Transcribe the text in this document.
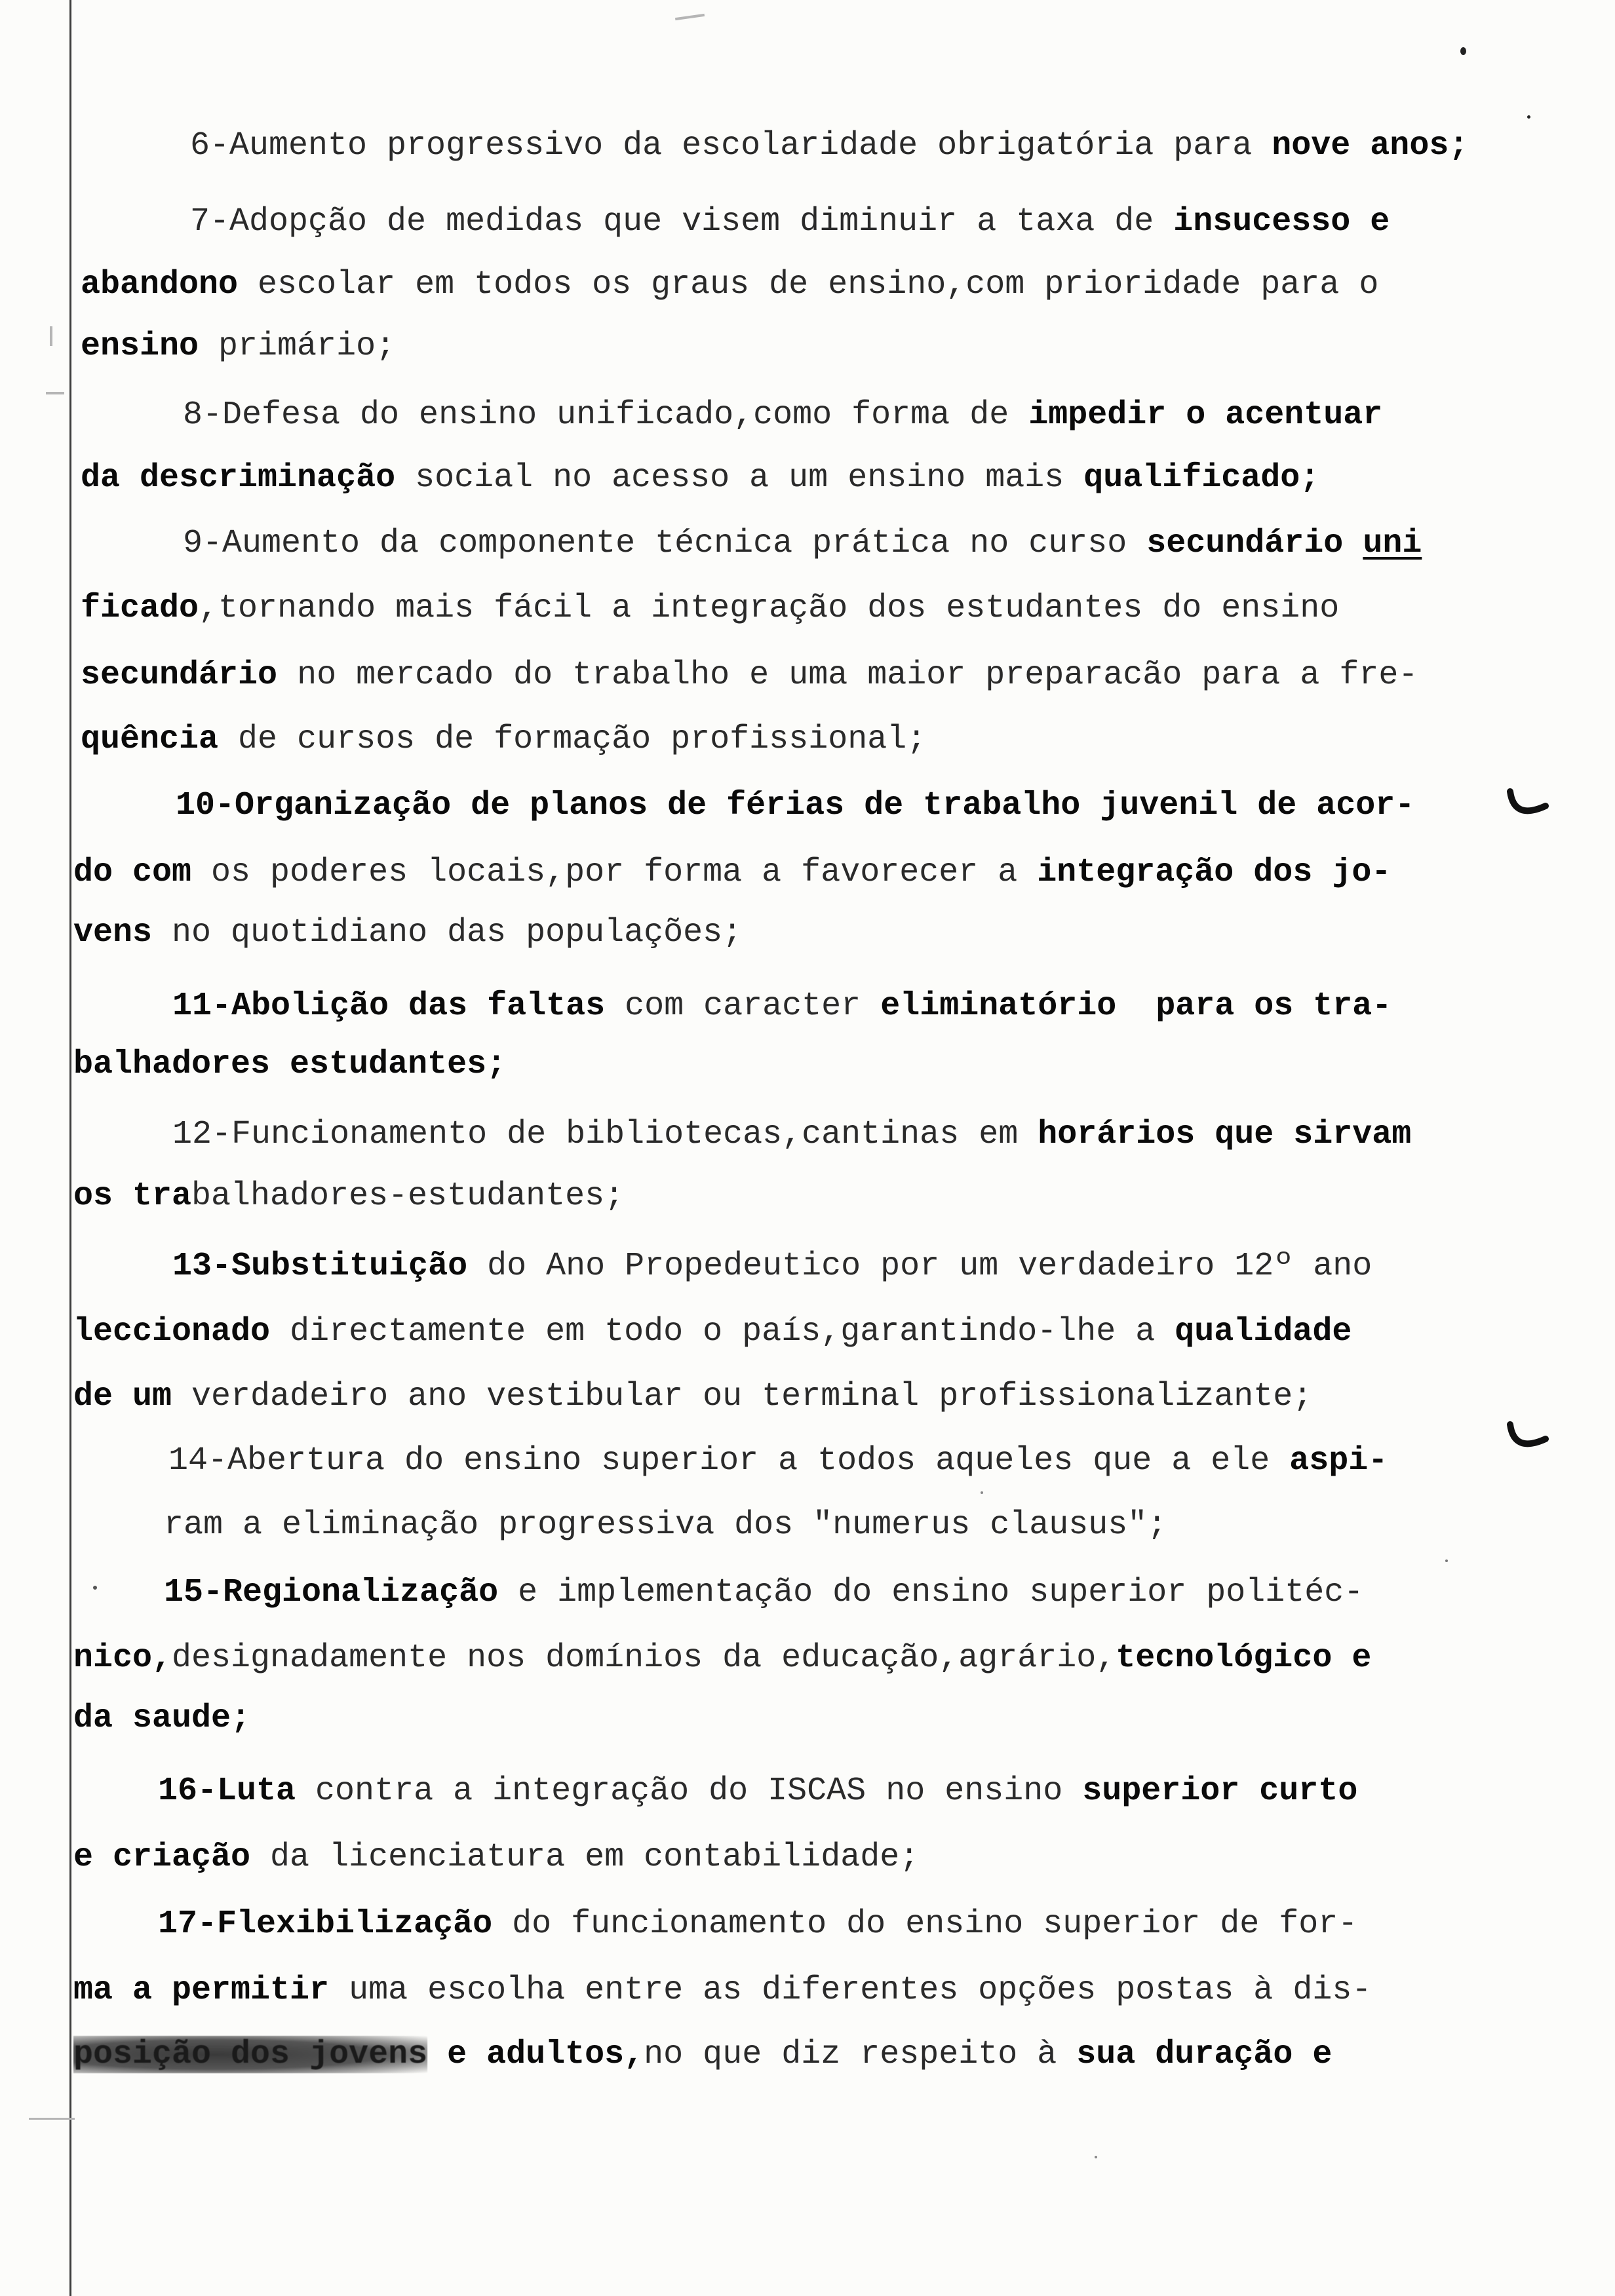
6-Aumento progressivo da escolaridade obrigatória para nove anos;
7-Adopção de medidas que visem diminuir a taxa de insucesso e
abandono escolar em todos os graus de ensino,com prioridade para o
ensino primário;
8-Defesa do ensino unificado,como forma de impedir o acentuar
da descriminação social no acesso a um ensino mais qualificado;
9-Aumento da componente técnica prática no curso secundário uni
ficado,tornando mais fácil a integração dos estudantes do ensino
secundário no mercado do trabalho e uma maior preparacão para a fre-
quência de cursos de formação profissional;
10-Organização de planos de férias de trabalho juvenil de acor-
do com os poderes locais,por forma a favorecer a integração dos jo-
vens no quotidiano das populações;
11-Abolição das faltas com caracter eliminatório  para os tra-
balhadores estudantes;
12-Funcionamento de bibliotecas,cantinas em horários que sirvam
os trabalhadores-estudantes;
13-Substituição do Ano Propedeutico por um verdadeiro 12º ano
leccionado directamente em todo o país,garantindo-lhe a qualidade
de um verdadeiro ano vestibular ou terminal profissionalizante;
14-Abertura do ensino superior a todos aqueles que a ele aspi-
ram a eliminação progressiva dos "numerus clausus";
15-Regionalização e implementação do ensino superior politéc-
nico,designadamente nos domínios da educação,agrário,tecnológico e
da saude;
16-Luta contra a integração do ISCAS no ensino superior curto
e criação da licenciatura em contabilidade;
17-Flexibilização do funcionamento do ensino superior de for-
ma a permitir uma escolha entre as diferentes opções postas à dis-
posição dos jovens e adultos,no que diz respeito à sua duração e
